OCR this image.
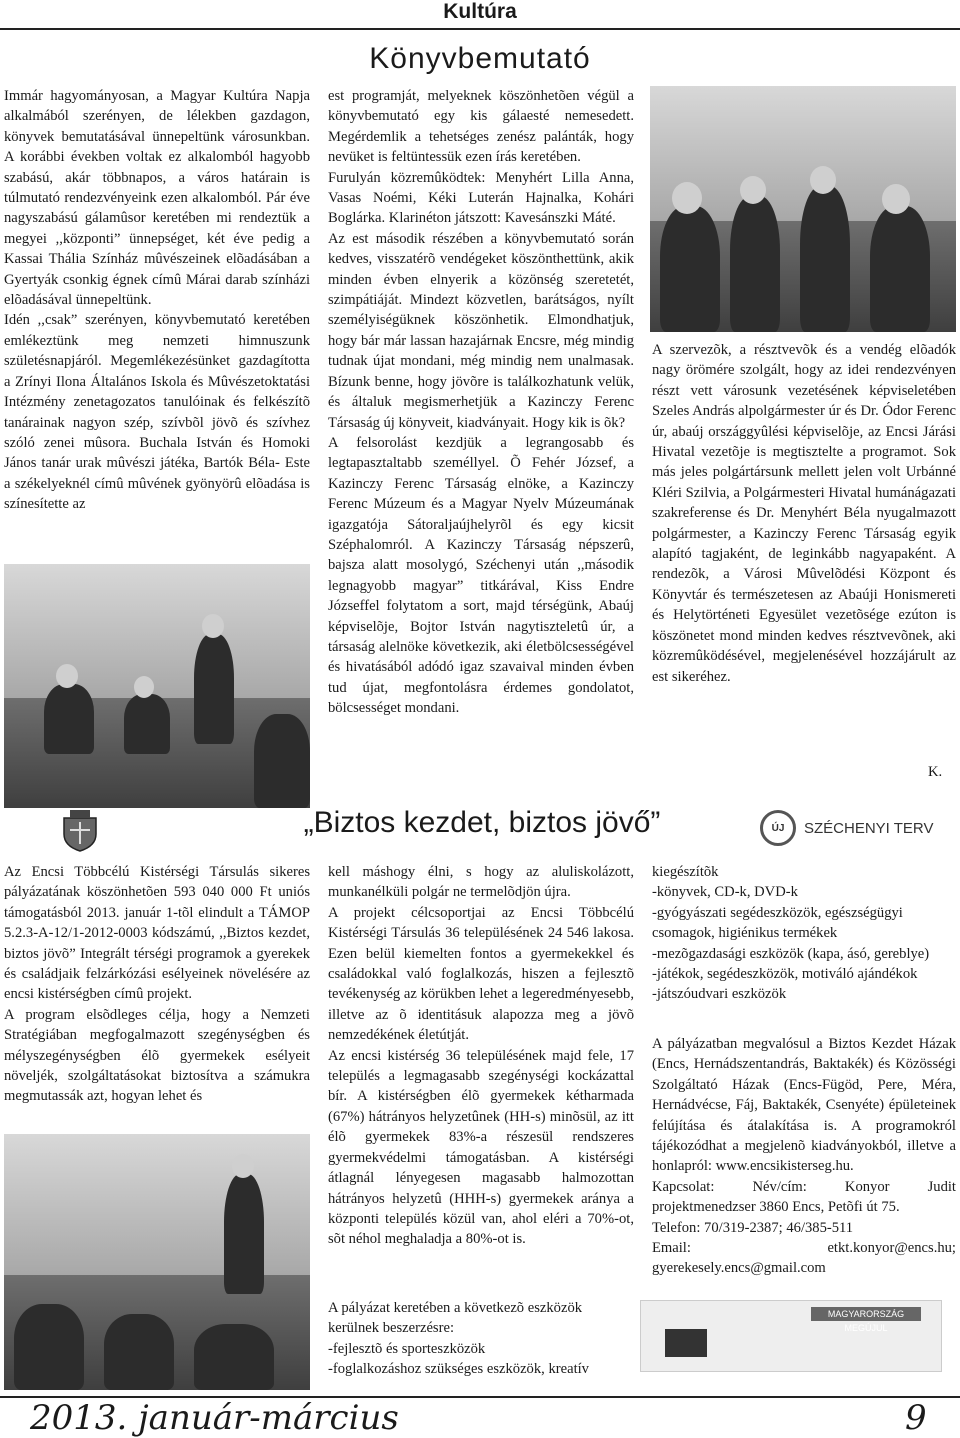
Kultúra
Könyvbemutató

Immár hagyományosan, a Magyar Kultúra Napja alkalmából szerényen, de lélekben gazdagon, könyvek bemutatásával ünnepeltünk városunkban. A korábbi években voltak ez alkalomból hagyobb szabású, akár többnapos, a város határain is túlmutató rendezvényeink ezen alkalomból. Pár éve nagyszabású gálamûsor keretében mi rendeztük a megyei ,,központi” ünnepséget, két éve pedig a Kassai Thália Színház mûvészeinek elõadásában a Gyertyák csonkig égnek címû Márai darab színházi elõadásával ünnepeltünk.

Idén ,,csak” szerényen, könyvbemutató keretében emlékeztünk meg nemzeti himnuszunk születésnapjáról. Megemlékezésünket gazdagította a Zrínyi Ilona Általános Iskola és Mûvészetoktatási Intézmény zenetagozatos tanulóinak és felkészítõ tanárainak nagyon szép, szívbõl jövõ és szívhez szóló zenei mûsora. Buchala István és Homoki János tanár urak mûvészi játéka, Bartók Béla- Este a székelyeknél címû mûvének gyönyörû elõadása is színesítette az

est programját, melyeknek köszönhetõen végül a könyvbemutató egy kis gálaesté nemesedett. Megérdemlik a tehetséges zenész palánták, hogy nevüket is feltüntessük ezen írás keretében.

Furulyán közremûködtek: Menyhért Lilla Anna, Vasas Noémi, Kéki Luterán Hajnalka, Kohári Boglárka. Klarinéton játszott: Kavesánszki Máté.

Az est második részében a könyvbemutató során kedves, visszatérõ vendégeket köszönthettünk, akik minden évben elnyerik a közönség szeretetét, szimpátiáját. Mindezt közvetlen, barátságos, nyílt személyiségüknek köszönhetik. Elmondhatjuk, hogy bár már lassan hazajárnak Encsre, még mindig tudnak újat mondani, még mindig nem unalmasak. Bízunk benne, hogy jövõre is találkozhatunk velük, és általuk megismerhetjük a Kazinczy Ferenc Társaság új könyveit, kiadványait. Hogy kik is õk?

A felsorolást kezdjük a legrangosabb és legtapasztaltabb személlyel. Õ Fehér József, a Kazinczy Ferenc Társaság elnöke, a Kazinczy Ferenc Múzeum és a Magyar Nyelv Múzeumának igazgatója Sátoraljaújhelyrõl és egy kicsit Széphalomról. A Kazinczy Társaság népszerû, bajsza alatt mosolygó, Széchenyi után ,,második legnagyobb magyar” titkárával, Kiss Endre Józseffel folytatom a sort, majd térségünk, Abaúj képviselõje, Bojtor István nagytiszteletû úr, a társaság alelnöke következik, aki életbölcsességével és hivatásából adódó igaz szavaival minden évben tud újat, megfontolásra érdemes gondolatot, bölcsességet mondani.

A szervezõk, a résztvevõk és a vendég elõadók nagy örömére szolgált, hogy az idei rendezvényen részt vett városunk vezetésének képviseletében Szeles András alpolgármester úr és Dr. Ódor Ferenc úr, abaúj országgyûlési képviselõje, az Encsi Járási Hivatal vezetõje is megtisztelte a programot. Sok más jeles polgártársunk mellett jelen volt Urbánné Kléri Szilvia, a Polgármesteri Hivatal humánágazati szakreferense és Dr. Menyhért Béla nyugalmazott polgármester, a Kazinczy Ferenc Társaság egyik alapító tagjaként, de leginkább nagyapaként. A rendezõk, a Városi Mûvelõdési Központ és Könyvtár és természetesen az Abaúji Honismereti és Helytörténeti Egyesület vezetõsége ezúton is köszönetet mond minden kedves résztvevõnek, aki közremûködésével, megjelenésével hozzájárult az est sikeréhez.

K.
„Biztos kezdet, biztos jövő”	ÚJ	SZÉCHENYI TERV

Az Encsi Többcélú Kistérségi Társulás sikeres pályázatának köszönhetõen 593 040 000 Ft uniós támogatásból 2013. január 1-tõl elindult a TÁMOP 5.2.3-A-12/1-2012-0003 kódszámú, ,,Biztos kezdet, biztos jövõ” Integrált térségi programok a gyerekek és családjaik felzárkózási esélyeinek növelésére az encsi kistérségben címû projekt.

A program elsõdleges célja, hogy a Nemzeti Stratégiában megfogalmazott szegénységben és mélyszegénységben élõ gyermekek esélyeit növeljék, szolgáltatásokat biztosítva a számukra megmutassák azt, hogyan lehet és

kell máshogy élni, s hogy az aluliskolázott, munkanélküli polgár ne termelõdjön újra.

A projekt célcsoportjai az Encsi Többcélú Kistérségi Társulás 36 településének 24 546 lakosa. Ezen belül kiemelten fontos a gyermekekkel és családokkal való foglalkozás, hiszen a fejlesztõ tevékenység az körükben lehet a legeredményesebb, illetve az õ identitásuk alapozza meg a jövõ nemzedékének életútját.

Az encsi kistérség 36 településének majd fele, 17 település a legmagasabb szegénységi kockázattal bír. A kistérségben élõ gyermekek kétharmada (67%) hátrányos helyzetûnek (HH-s) minõsül, az itt élõ gyermekek 83%-a részesül rendszeres gyermekvédelmi támogatásban. A kistérségi átlagnál lényegesen magasabb halmozottan hátrányos helyzetû (HHH-s) gyermekek aránya a központi település közül van, ahol eléri a 70%-ot, sõt néhol meghaladja a 80%-ot is.

A pályázat keretében a következõ eszközök kerülnek beszerzésre:

-fejlesztõ és sporteszközök

-foglalkozáshoz szükséges eszközök, kreatív

kiegészítõk

-könyvek, CD-k, DVD-k

-gyógyászati segédeszközök, egészségügyi csomagok, higiénikus termékek

-mezõgazdasági eszközök (kapa, ásó, gereblye)

-játékok, segédeszközök, motiváló ajándékok

-játszóudvari eszközök

A pályázatban megvalósul a Biztos Kezdet Házak (Encs, Hernádszentandrás, Baktakék) és Közösségi Szolgáltató Házak (Encs-Fügöd, Pere, Méra, Hernádvécse, Fáj, Baktakék, Csenyéte) épületeinek felújítása és átalakítása is. A programokról tájékozódhat a megjelenõ kiadványokból, illetve a honlapról: www.encsikisterseg.hu.

Kapcsolat: Név/cím: Konyor Judit projektmenedzser 3860 Encs, Petõfi út 75.

Telefon: 70/319-2387; 46/385-511

Email: etkt.konyor@encs.hu; gyerekesely.encs@gmail.com

MAGYARORSZÁG MEGÚJUL
2013. január-március	9
